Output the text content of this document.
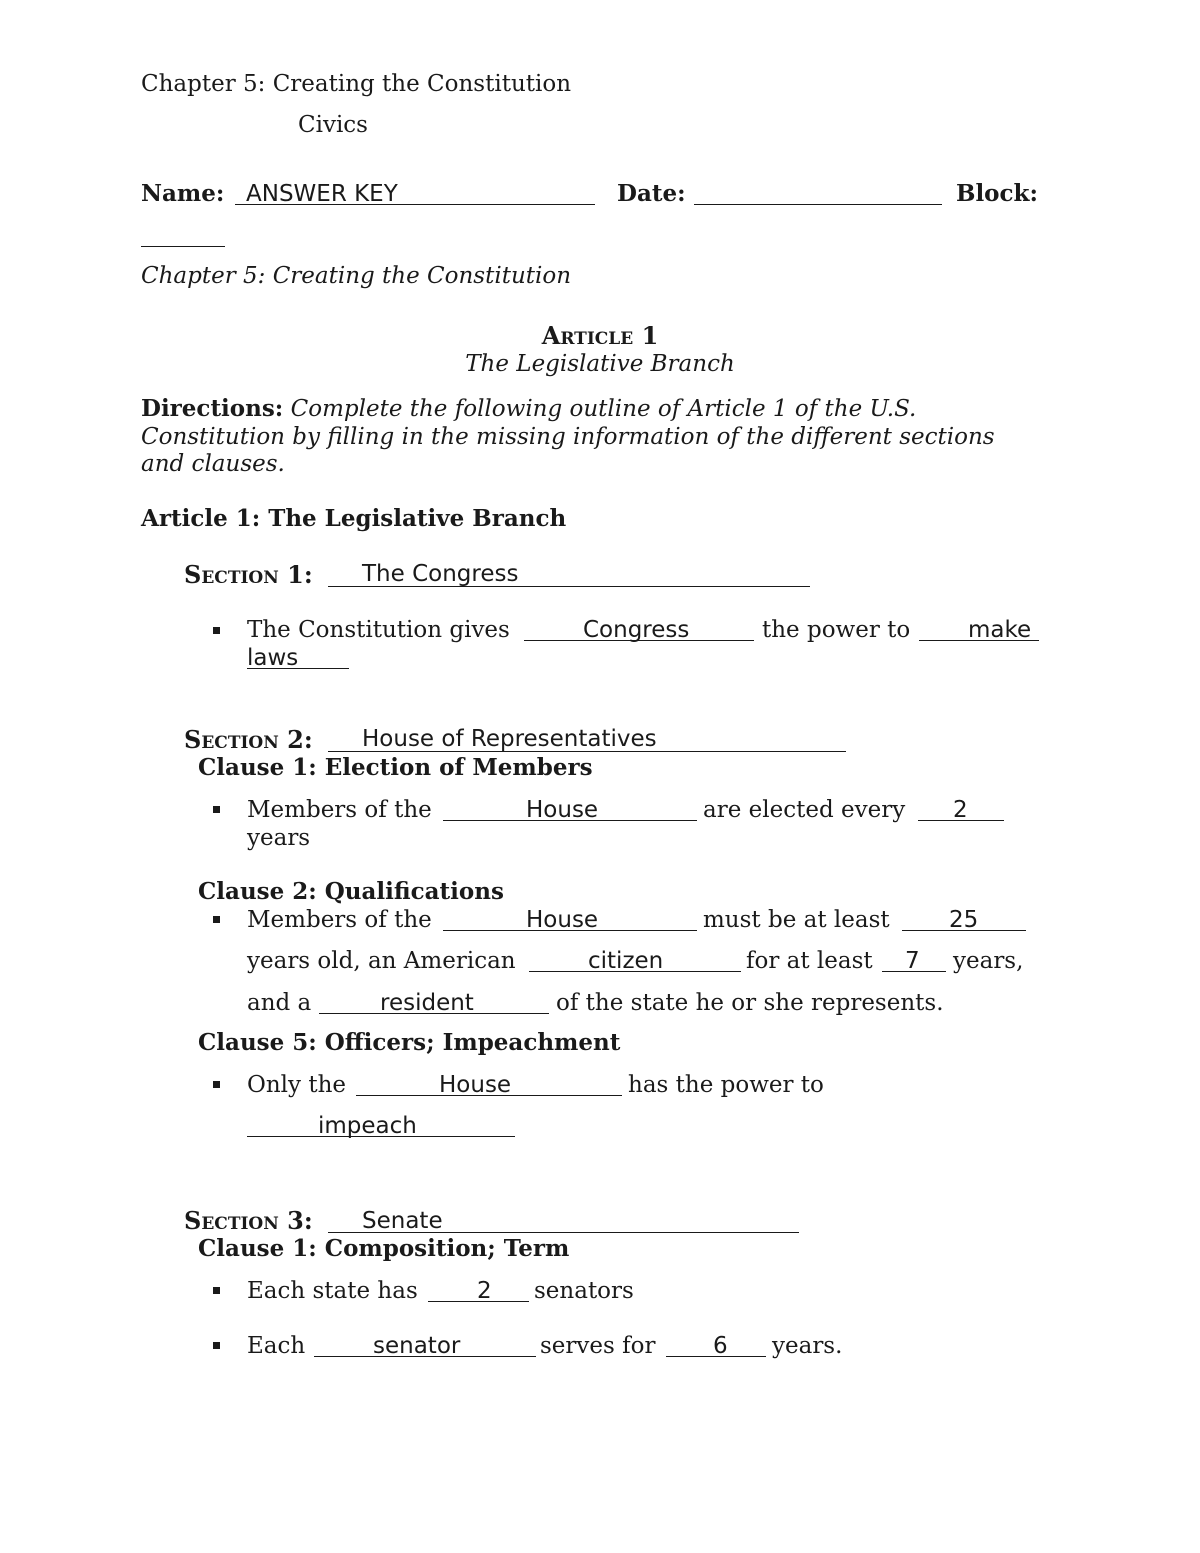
Chapter 5: Creating the Constitution
Civics
Name: ANSWER KEY	Date:	Block:
Chapter 5: Creating the Constitution
Article 1
The Legislative Branch
Directions: Complete the following outline of Article 1 of the U.S.
Constitution by filling in the missing information of the different sections
and clauses.
Article 1: The Legislative Branch
Section 1: The Congress
The Constitution gives	Congress	the power to	make
laws
Section 2: House of Representatives
Clause 1: Election of Members
Members of the	House	are elected every 2
years
Clause 2: Qualifications
Members of the	House	must be at least	25
years old, an American	citizen	for at least 7 years,
and a	resident	of the state he or she represents.
Clause 5: Officers; Impeachment
Only the	House	has the power to
impeach
Section 3: Senate
Clause 1: Composition; Term
Each state has	2 senators
Each	senator	serves for	6 years.
